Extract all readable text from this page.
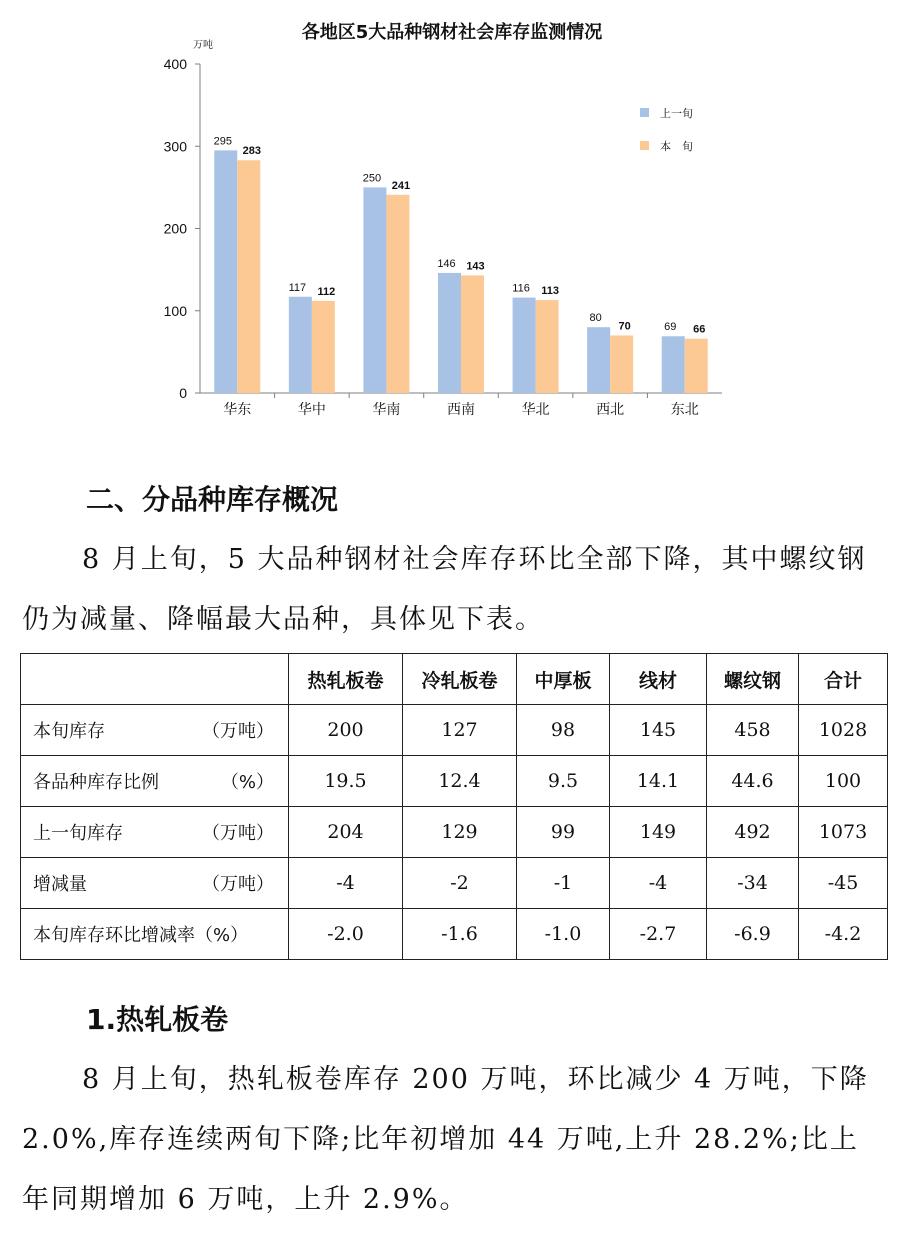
各地区5大品种钢材社会库存监测情况
万吨
0
100
200
300
400
华东
295
283
华中
117 112
华南
250
241
西南
146 143
华北
116 113
西北
80
70
东北
69 66
上一旬
本　旬
二、分品种库存概况

8 月上旬，5 大品种钢材社会库存环比全部下降，其中螺纹钢仍为减量、降幅最大品种，具体见下表。

	热轧板卷	冷轧板卷	中厚板	线材	螺纹钢	合计
本旬库存 （万吨）	200	127	98	145	458	1028
各品种库存比例 （%）	19.5	12.4	9.5	14.1	44.6	100
上一旬库存 （万吨）	204	129	99	149	492	1073
增减量 （万吨）	-4	-2	-1	-4	-34	-45
本旬库存环比增减率（%）	-2.0	-1.6	-1.0	-2.7	-6.9	-4.2
1.热轧板卷

8 月上旬，热轧板卷库存 200 万吨，环比减少 4 万吨，下降 2.0%,库存连续两旬下降;比年初增加 44 万吨,上升 28.2%;比上年同期增加 6 万吨，上升 2.9%。
